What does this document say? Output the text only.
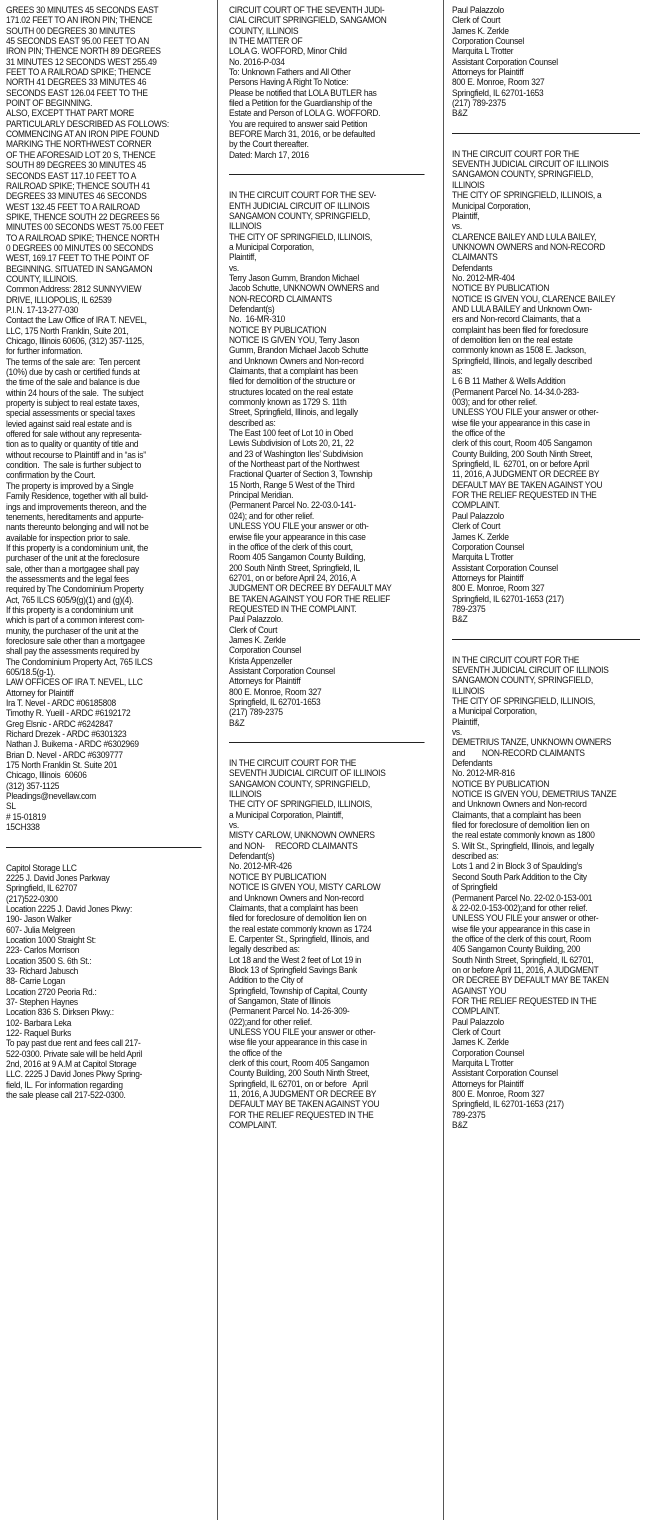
GREES 30 MINUTES 45 SECONDS EAST
171.02 FEET TO AN IRON PIN; THENCE
SOUTH 00 DEGREES 30 MINUTES
45 SECONDS EAST 95.00 FEET TO AN
IRON PIN; THENCE NORTH 89 DEGREES
31 MINUTES 12 SECONDS WEST 255.49
FEET TO A RAILROAD SPIKE; THENCE
NORTH 41 DEGREES 33 MINUTES 46
SECONDS EAST 126.04 FEET TO THE
POINT OF BEGINNING.
ALSO, EXCEPT THAT PART MORE
PARTICULARLY DESCRIBED AS FOLLOWS:
COMMENCING AT AN IRON PIPE FOUND
MARKING THE NORTHWEST CORNER
OF THE AFORESAID LOT 20 S, THENCE
SOUTH 89 DEGREES 30 MINUTES 45
SECONDS EAST 117.10 FEET TO A
RAILROAD SPIKE; THENCE SOUTH 41
DEGREES 33 MINUTES 46 SECONDS
WEST 132.45 FEET TO A RAILROAD
SPIKE, THENCE SOUTH 22 DEGREES 56
MINUTES 00 SECONDS WEST 75.00 FEET
TO A RAILROAD SPIKE; THENCE NORTH
0 DEGREES 00 MINUTES 00 SECONDS
WEST, 169.17 FEET TO THE POINT OF
BEGINNING. SITUATED IN SANGAMON
COUNTY, ILLINOIS.
Common Address: 2812 SUNNYVIEW
DRIVE, ILLIOPOLIS, IL 62539
P.I.N. 17-13-277-030
Contact the Law Office of IRA T. NEVEL,
LLC, 175 North Franklin, Suite 201,
Chicago, Illinois 60606, (312) 357-1125,
for further information.
The terms of the sale are:  Ten percent
(10%) due by cash or certified funds at
the time of the sale and balance is due
within 24 hours of the sale.  The subject
property is subject to real estate taxes,
special assessments or special taxes
levied against said real estate and is
offered for sale without any representa-
tion as to quality or quantity of title and
without recourse to Plaintiff and in “as is”
condition.  The sale is further subject to
confirmation by the Court.
The property is improved by a Single
Family Residence, together with all build-
ings and improvements thereon, and the
tenements, hereditaments and appurte-
nants thereunto belonging and will not be
available for inspection prior to sale.
If this property is a condominium unit, the
purchaser of the unit at the foreclosure
sale, other than a mortgagee shall pay
the assessments and the legal fees
required by The Condominium Property
Act, 765 ILCS 605/9(g)(1) and (g)(4).
If this property is a condominium unit
which is part of a common interest com-
munity, the purchaser of the unit at the
foreclosure sale other than a mortgagee
shall pay the assessments required by
The Condominium Property Act, 765 ILCS
605/18.5(g-1).
LAW OFFICES OF IRA T. NEVEL, LLC
Attorney for Plaintiff
Ira T. Nevel - ARDC #06185808
Timothy R. Yueill - ARDC #6192172
Greg Elsnic - ARDC #6242847
Richard Drezek - ARDC #6301323
Nathan J. Buikema - ARDC #6302969
Brian D. Nevel - ARDC #6309777
175 North Franklin St. Suite 201
Chicago, Illinois  60606
(312) 357-1125
Pleadings@nevellaw.com
SL
# 15-01819
15CH338
Capitol Storage LLC
2225 J. David Jones Parkway
Springfield, IL 62707
(217)522-0300
Location 2225 J. David Jones Pkwy:
190- Jason Walker
607- Julia Melgreen
Location 1000 Straight St:
223- Carlos Morrison
Location 3500 S. 6th St.:
33- Richard Jabusch
88- Carrie Logan
Location 2720 Peoria Rd.:
37- Stephen Haynes
Location 836 S. Dirksen Pkwy.:
102- Barbara Leka
122- Raquel Burks
To pay past due rent and fees call 217-
522-0300. Private sale will be held April
2nd, 2016 at 9 A.M at Capitol Storage
LLC. 2225 J David Jones Pkwy Spring-
field, IL. For information regarding
the sale please call 217-522-0300.
CIRCUIT COURT OF THE SEVENTH JUDI-
CIAL CIRCUIT SPRINGFIELD, SANGAMON
COUNTY, ILLINOIS
IN THE MATTER OF
LOLA G. WOFFORD, Minor Child
No. 2016-P-034
To: Unknown Fathers and All Other
Persons Having A Right To Notice:
Please be notified that LOLA BUTLER has
filed a Petition for the Guardianship of the
Estate and Person of LOLA G. WOFFORD.
You are required to answer said Petition
BEFORE March 31, 2016, or be defaulted
by the Court thereafter.
Dated: March 17, 2016
IN THE CIRCUIT COURT FOR THE SEV-
ENTH JUDICIAL CIRCUIT OF ILLINOIS
SANGAMON COUNTY, SPRINGFIELD,
ILLINOIS
THE CITY OF SPRINGFIELD, ILLINOIS,
a Municipal Corporation,
Plaintiff,
vs.
Terry Jason Gumm, Brandon Michael
Jacob Schutte, UNKNOWN OWNERS and
NON-RECORD CLAIMANTS
Defendant(s)
No.  16-MR-310
NOTICE BY PUBLICATION
NOTICE IS GIVEN YOU, Terry Jason
Gumm, Brandon Michael Jacob Schutte
and Unknown Owners and Non-record
Claimants, that a complaint has been
filed for demolition of the structure or
structures located on the real estate
commonly known as 1729 S. 11th
Street, Springfield, Illinois, and legally
described as:
The East 100 feet of Lot 10 in Obed
Lewis Subdivision of Lots 20, 21, 22
and 23 of Washington Iles’ Subdivision
of the Northeast part of the Northwest
Fractional Quarter of Section 3, Township
15 North, Range 5 West of the Third
Principal Meridian.
(Permanent Parcel No. 22-03.0-141-
024); and for other relief.
UNLESS YOU FILE your answer or oth-
erwise file your appearance in this case
in the office of the clerk of this court,
Room 405 Sangamon County Building,
200 South Ninth Street, Springfield, IL
62701, on or before April 24, 2016, A
JUDGMENT OR DECREE BY DEFAULT MAY
BE TAKEN AGAINST YOU FOR THE RELIEF
REQUESTED IN THE COMPLAINT.
Paul Palazzolo.
Clerk of Court
James K. Zerkle
Corporation Counsel
Krista Appenzeller
Assistant Corporation Counsel
Attorneys for Plaintiff
800 E. Monroe, Room 327
Springfield, IL 62701-1653
(217) 789-2375
B&Z
IN THE CIRCUIT COURT FOR THE
SEVENTH JUDICIAL CIRCUIT OF ILLINOIS
SANGAMON COUNTY, SPRINGFIELD,
ILLINOIS
THE CITY OF SPRINGFIELD, ILLINOIS,
a Municipal Corporation, Plaintiff,
vs.
MISTY CARLOW, UNKNOWN OWNERS
and NON-     RECORD CLAIMANTS
Defendant(s)
No. 2012-MR-426
NOTICE BY PUBLICATION
NOTICE IS GIVEN YOU, MISTY CARLOW
and Unknown Owners and Non-record
Claimants, that a complaint has been
filed for foreclosure of demolition lien on
the real estate commonly known as 1724
E. Carpenter St., Springfield, Illinois, and
legally described as:
Lot 18 and the West 2 feet of Lot 19 in
Block 13 of Springfield Savings Bank
Addition to the City of
Springfield, Township of Capital, County
of Sangamon, State of Illinois
(Permanent Parcel No. 14-26-309-
022);and for other relief.
UNLESS YOU FILE your answer or other-
wise file your appearance in this case in
the office of the
clerk of this court, Room 405 Sangamon
County Building, 200 South Ninth Street,
Springfield, IL 62701, on or before   April
11, 2016, A JUDGMENT OR DECREE BY
DEFAULT MAY BE TAKEN AGAINST YOU
FOR THE RELIEF REQUESTED IN THE
COMPLAINT.
Paul Palazzolo
Clerk of Court
James K. Zerkle
Corporation Counsel
Marquita L Trotter
Assistant Corporation Counsel
Attorneys for Plaintiff
800 E. Monroe, Room 327
Springfield, IL 62701-1653
(217) 789-2375
B&Z
IN THE CIRCUIT COURT FOR THE
SEVENTH JUDICIAL CIRCUIT OF ILLINOIS
SANGAMON COUNTY, SPRINGFIELD,
ILLINOIS
THE CITY OF SPRINGFIELD, ILLINOIS, a
Municipal Corporation,
Plaintiff,
vs.
CLARENCE BAILEY AND LULA BAILEY,
UNKNOWN OWNERS and NON-RECORD
CLAIMANTS
Defendants
No. 2012-MR-404
NOTICE BY PUBLICATION
NOTICE IS GIVEN YOU, CLARENCE BAILEY
AND LULA BAILEY and Unknown Own-
ers and Non-record Claimants, that a
complaint has been filed for foreclosure
of demolition lien on the real estate
commonly known as 1508 E. Jackson,
Springfield, Illinois, and legally described
as:
L 6 B 11 Mather & Wells Addition
(Permanent Parcel No. 14-34.0-283-
003); and for other relief.
UNLESS YOU FILE your answer or other-
wise file your appearance in this case in
the office of the
clerk of this court, Room 405 Sangamon
County Building, 200 South Ninth Street,
Springfield, IL  62701, on or before April
11, 2016, A JUDGMENT OR DECREE BY
DEFAULT MAY BE TAKEN AGAINST YOU
FOR THE RELIEF REQUESTED IN THE
COMPLAINT.
Paul Palazzolo
Clerk of Court
James K. Zerkle
Corporation Counsel
Marquita L Trotter
Assistant Corporation Counsel
Attorneys for Plaintiff
800 E. Monroe, Room 327
Springfield, IL 62701-1653 (217)
789-2375
B&Z
IN THE CIRCUIT COURT FOR THE
SEVENTH JUDICIAL CIRCUIT OF ILLINOIS
SANGAMON COUNTY, SPRINGFIELD,
ILLINOIS
THE CITY OF SPRINGFIELD, ILLINOIS,
a Municipal Corporation,
Plaintiff,
vs.
DEMETRIUS TANZE, UNKNOWN OWNERS
and        NON-RECORD CLAIMANTS
Defendants
No. 2012-MR-816
NOTICE BY PUBLICATION
NOTICE IS GIVEN YOU, DEMETRIUS TANZE
and Unknown Owners and Non-record
Claimants, that a complaint has been
filed for foreclosure of demolition lien on
the real estate commonly known as 1800
S. Wilt St., Springfield, Illinois, and legally
described as:
Lots 1 and 2 in Block 3 of Spaulding’s
Second South Park Addition to the City
of Springfield
(Permanent Parcel No. 22-02.0-153-001
& 22-02.0-153-002);and for other relief.
UNLESS YOU FILE your answer or other-
wise file your appearance in this case in
the office of the clerk of this court, Room
405 Sangamon County Building, 200
South Ninth Street, Springfield, IL 62701,
on or before April 11, 2016, A JUDGMENT
OR DECREE BY DEFAULT MAY BE TAKEN
AGAINST YOU
FOR THE RELIEF REQUESTED IN THE
COMPLAINT.
Paul Palazzolo
Clerk of Court
James K. Zerkle
Corporation Counsel
Marquita L Trotter
Assistant Corporation Counsel
Attorneys for Plaintiff
800 E. Monroe, Room 327
Springfield, IL 62701-1653 (217)
789-2375
B&Z
